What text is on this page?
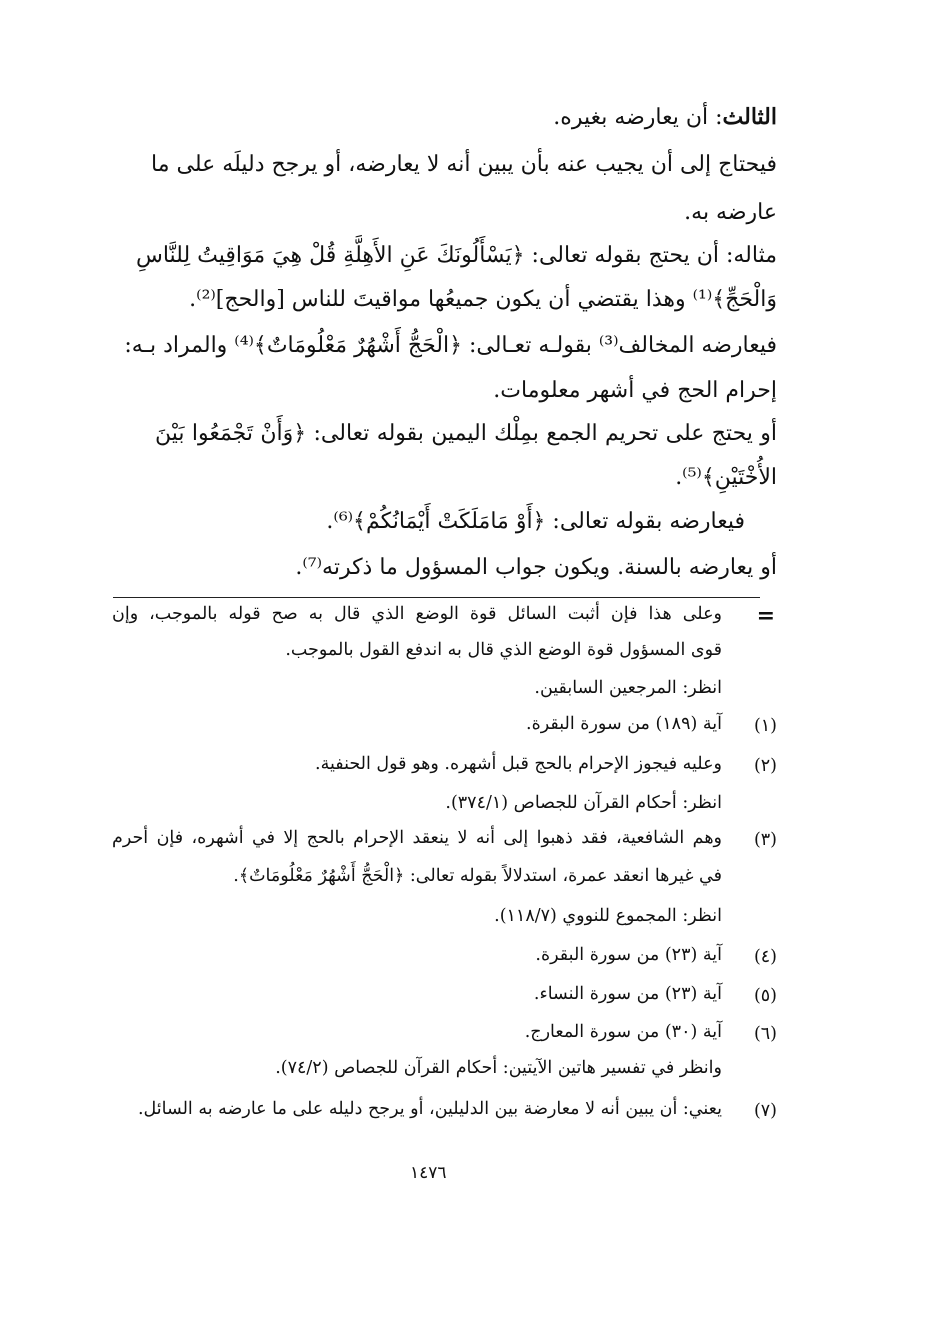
الثالث: أن يعارضه بغيره.
فيحتاج إلى أن يجيب عنه بأن يبين أنه لا يعارضه، أو يرجح دليلَه على ما
عارضه به.
مثاله: أن يحتج بقوله تعالى: ﴿يَسْأَلُونَكَ عَنِ الأَهِلَّةِ قُلْ هِيَ مَوَاقِيتُ لِلنَّاسِ
وَالْحَجِّ﴾⁽¹⁾ وهذا يقتضي أن يكون جميعُها مواقيتَ للناس [والحج]⁽²⁾.
فيعارضه المخالف⁽³⁾ بقولـه تعـالى: ﴿الْحَجُّ أَشْهُرٌ مَعْلُومَاتٌ﴾⁽⁴⁾ والمراد بـه:
إحرام الحج في أشهر معلومات.
أو يحتج على تحريم الجمع بمِلْك اليمين بقوله تعالى: ﴿وَأَنْ تَجْمَعُوا بَيْنَ
الأُخْتَيْنِ﴾⁽⁵⁾.
فيعارضه بقوله تعالى: ﴿أَوْ مَامَلَكَتْ أَيْمَانُكُمْ﴾⁽⁶⁾.
أو يعارضه بالسنة. ويكون جواب المسؤول ما ذكرته⁽⁷⁾.
=
وعلى هذا فإن أثبت السائل قوة الوضع الذي قال به صح قوله بالموجب، وإن
قوى المسؤول قوة الوضع الذي قال به اندفع القول بالموجب.
انظر: المرجعين السابقين.
(١)
آية (١٨٩) من سورة البقرة.
(٢)
وعليه فيجوز الإحرام بالحج قبل أشهره. وهو قول الحنفية.
انظر: أحكام القرآن للجصاص (٣٧٤/١).
(٣)
وهم الشافعية، فقد ذهبوا إلى أنه لا ينعقد الإحرام بالحج إلا في أشهره، فإن أحرم
في غيرها انعقد عمرة، استدلالاً بقوله تعالى: ﴿الْحَجُّ أَشْهُرٌ مَعْلُومَاتٌ﴾.
انظر: المجموع للنووي (١١٨/٧).
(٤)
آية (٢٣) من سورة البقرة.
(٥)
آية (٢٣) من سورة النساء.
(٦)
آية (٣٠) من سورة المعارج.
وانظر في تفسير هاتين الآيتين: أحكام القرآن للجصاص (٧٤/٢).
(٧)
يعني: أن يبين أنه لا معارضة بين الدليلين، أو يرجح دليله على ما عارضه به السائل.
١٤٧٦
